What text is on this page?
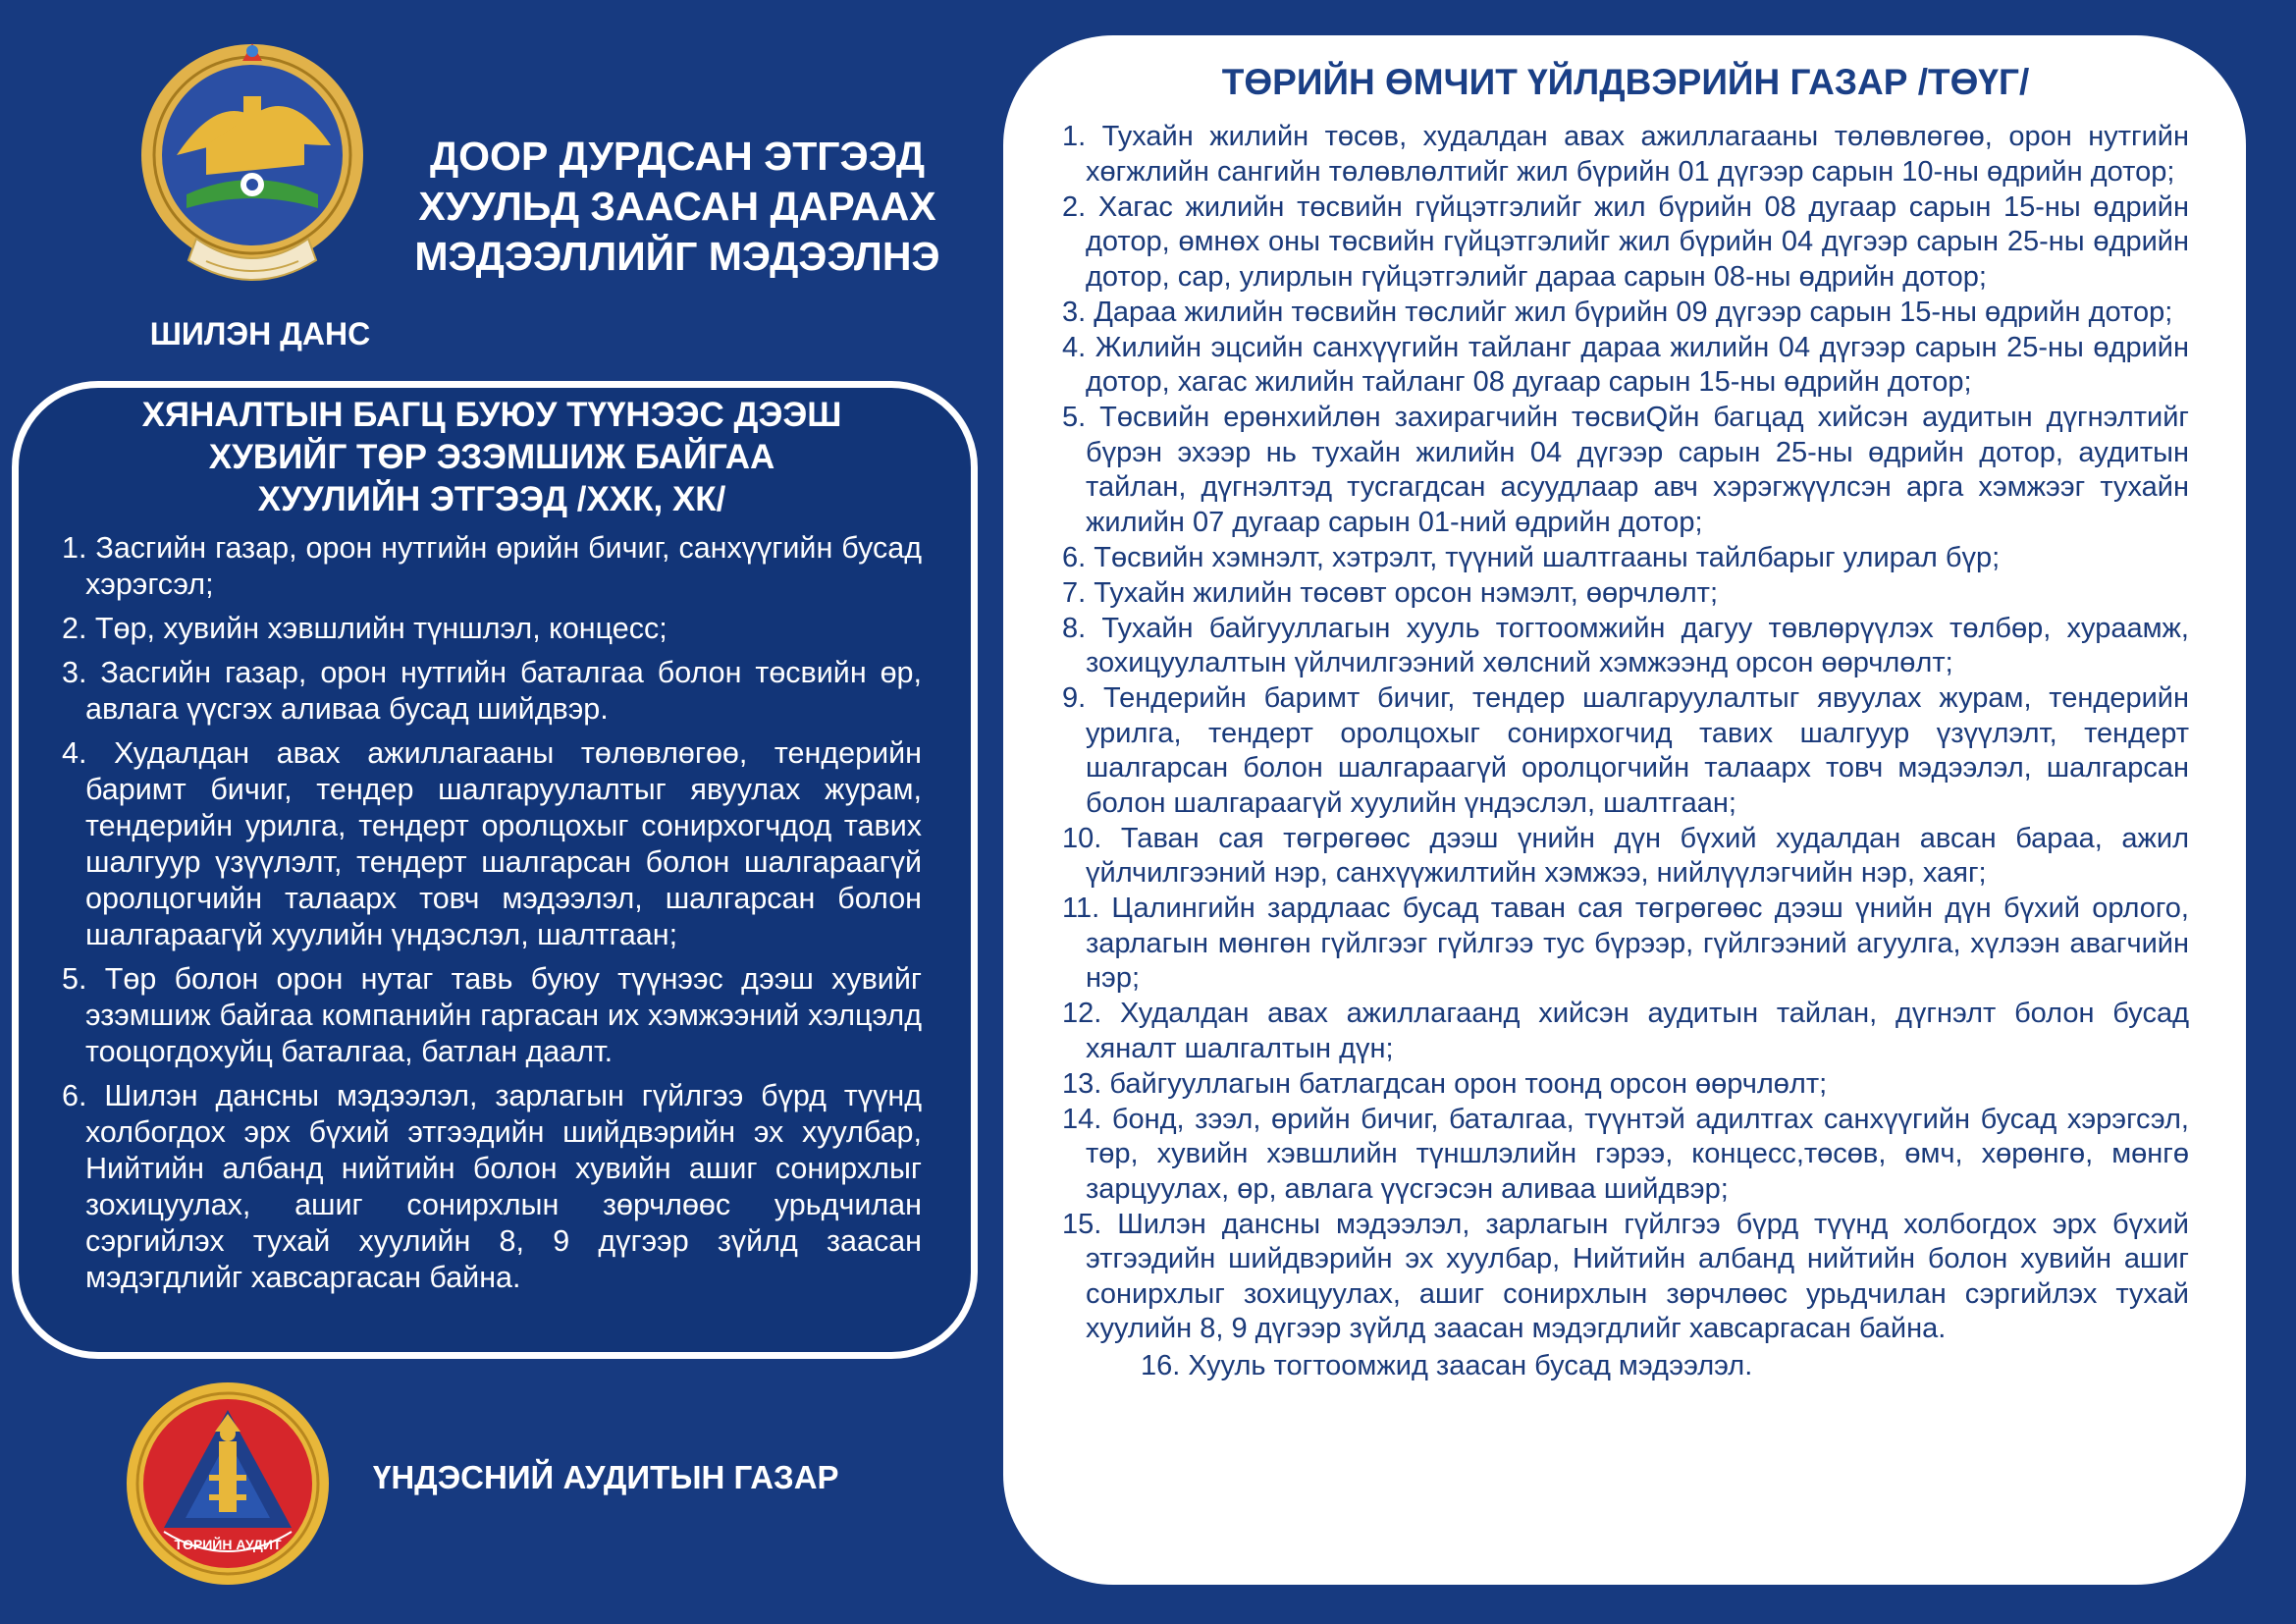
ШИЛЭН ДАНС
ДООР ДУРДСАН ЭТГЭЭД ХУУЛЬД ЗААСАН ДАРААХ МЭДЭЭЛЛИЙГ МЭДЭЭЛНЭ
ХЯНАЛТЫН БАГЦ БУЮУ ТҮҮНЭЭС ДЭЭШ ХУВИЙГ ТӨР ЭЗЭМШИЖ БАЙГАА ХУУЛИЙН ЭТГЭЭД /ХХК, ХК/
1. Засгийн газар, орон нутгийн өрийн бичиг, санхүүгийн бусад хэрэгсэл;
2. Төр, хувийн хэвшлийн түншлэл, концесс;
3. Засгийн газар, орон нутгийн баталгаа болон төсвийн өр, авлага үүсгэх аливаа бусад шийдвэр.
4. Худалдан авах ажиллагааны төлөвлөгөө, тендерийн баримт бичиг, тендер шалгаруулалтыг явуулах журам, тендерийн урилга, тендерт оролцохыг сонирхогчдод тавих шалгуур үзүүлэлт, тендерт шалгарсан болон шалгараагүй оролцогчийн талаарх товч мэдээлэл, шалгарсан болон шалгараагүй хуулийн үндэслэл, шалтгаан;
5. Төр болон орон нутаг тавь буюу түүнээс дээш хувийг эзэмшиж байгаа компанийн гаргасан их хэмжээний хэлцэлд тооцогдохуйц баталгаа, батлан даалт.
6. Шилэн дансны мэдээлэл, зарлагын гүйлгээ бүрд түүнд холбогдох эрх бүхий этгээдийн шийдвэрийн эх хуулбар, Нийтийн албанд нийтийн болон хувийн ашиг сонирхлыг зохицуулах, ашиг сонирхлын зөрчлөөс урьдчилан сэргийлэх тухай хуулийн 8, 9 дүгээр зүйлд заасан мэдэгдлийг хавсаргасан байна.
ТӨРИЙН АУДИТ
ҮНДЭСНИЙ АУДИТЫН ГАЗАР
ТӨРИЙН ӨМЧИТ ҮЙЛДВЭРИЙН ГАЗАР /ТӨҮГ/
1. Тухайн жилийн төсөв, худалдан авах ажиллагааны төлөвлөгөө, орон нутгийн хөгжлийн сангийн төлөвлөлтийг жил бүрийн 01 дүгээр сарын 10-ны өдрийн дотор;
2. Хагас жилийн төсвийн гүйцэтгэлийг жил бүрийн 08 дугаар сарын 15-ны өдрийн дотор, өмнөх оны төсвийн гүйцэтгэлийг жил бүрийн 04 дүгээр сарын 25-ны өдрийн дотор, сар, улирлын гүйцэтгэлийг дараа сарын 08-ны өдрийн дотор;
3. Дараа жилийн төсвийн төслийг жил бүрийн 09 дүгээр сарын 15-ны өдрийн дотор;
4. Жилийн эцсийн санхүүгийн тайланг дараа жилийн 04 дүгээр сарын 25-ны өдрийн дотор, хагас жилийн тайланг 08 дугаар сарын 15-ны өдрийн дотор;
5. Төсвийн ерөнхийлөн захирагчийн төсвиQйн багцад хийсэн аудитын дүгнэлтийг бүрэн эхээр нь тухайн жилийн 04 дүгээр сарын 25-ны өдрийн дотор, аудитын тайлан, дүгнэлтэд тусгагдсан асуудлаар авч хэрэгжүүлсэн арга хэмжээг тухайн жилийн 07 дугаар сарын 01-ний өдрийн дотор;
6. Төсвийн хэмнэлт, хэтрэлт, түүний шалтгааны тайлбарыг улирал бүр;
7. Тухайн жилийн төсөвт орсон нэмэлт, өөрчлөлт;
8. Тухайн байгууллагын хууль тогтоомжийн дагуу төвлөрүүлэх төлбөр, хураамж, зохицуулалтын үйлчилгээний хөлсний хэмжээнд орсон өөрчлөлт;
9. Тендерийн баримт бичиг, тендер шалгаруулалтыг явуулах журам, тендерийн урилга, тендерт оролцохыг сонирхогчид тавих шалгуур үзүүлэлт, тендерт шалгарсан болон шалгараагүй оролцогчийн талаарх товч мэдээлэл, шалгарсан болон шалгараагүй хуулийн үндэслэл, шалтгаан;
10. Таван сая төгрөгөөс дээш үнийн дүн бүхий худалдан авсан бараа, ажил үйлчилгээний нэр, санхүүжилтийн хэмжээ, нийлүүлэгчийн нэр, хаяг;
11. Цалингийн зардлаас бусад таван сая төгрөгөөс дээш үнийн дүн бүхий орлого, зарлагын мөнгөн гүйлгээг гүйлгээ тус бүрээр, гүйлгээний агуулга, хүлээн авагчийн нэр;
12. Худалдан авах ажиллагаанд хийсэн аудитын тайлан, дүгнэлт болон бусад хяналт шалгалтын дүн;
13. байгууллагын батлагдсан орон тоонд орсон өөрчлөлт;
14. бонд, зээл, өрийн бичиг, баталгаа, түүнтэй адилтгах санхүүгийн бусад хэрэгсэл, төр, хувийн хэвшлийн түншлэлийн гэрээ, концесс,төсөв, өмч, хөрөнгө, мөнгө зарцуулах, өр, авлага үүсгэсэн аливаа шийдвэр;
15. Шилэн дансны мэдээлэл, зарлагын гүйлгээ бүрд түүнд холбогдох эрх бүхий этгээдийн шийдвэрийн эх хуулбар, Нийтийн албанд нийтийн болон хувийн ашиг сонирхлыг зохицуулах, ашиг сонирхлын зөрчлөөс урьдчилан сэргийлэх тухай хуулийн 8, 9 дүгээр зүйлд заасан мэдэгдлийг хавсаргасан байна.
16. Хууль тогтоомжид заасан бусад мэдээлэл.
